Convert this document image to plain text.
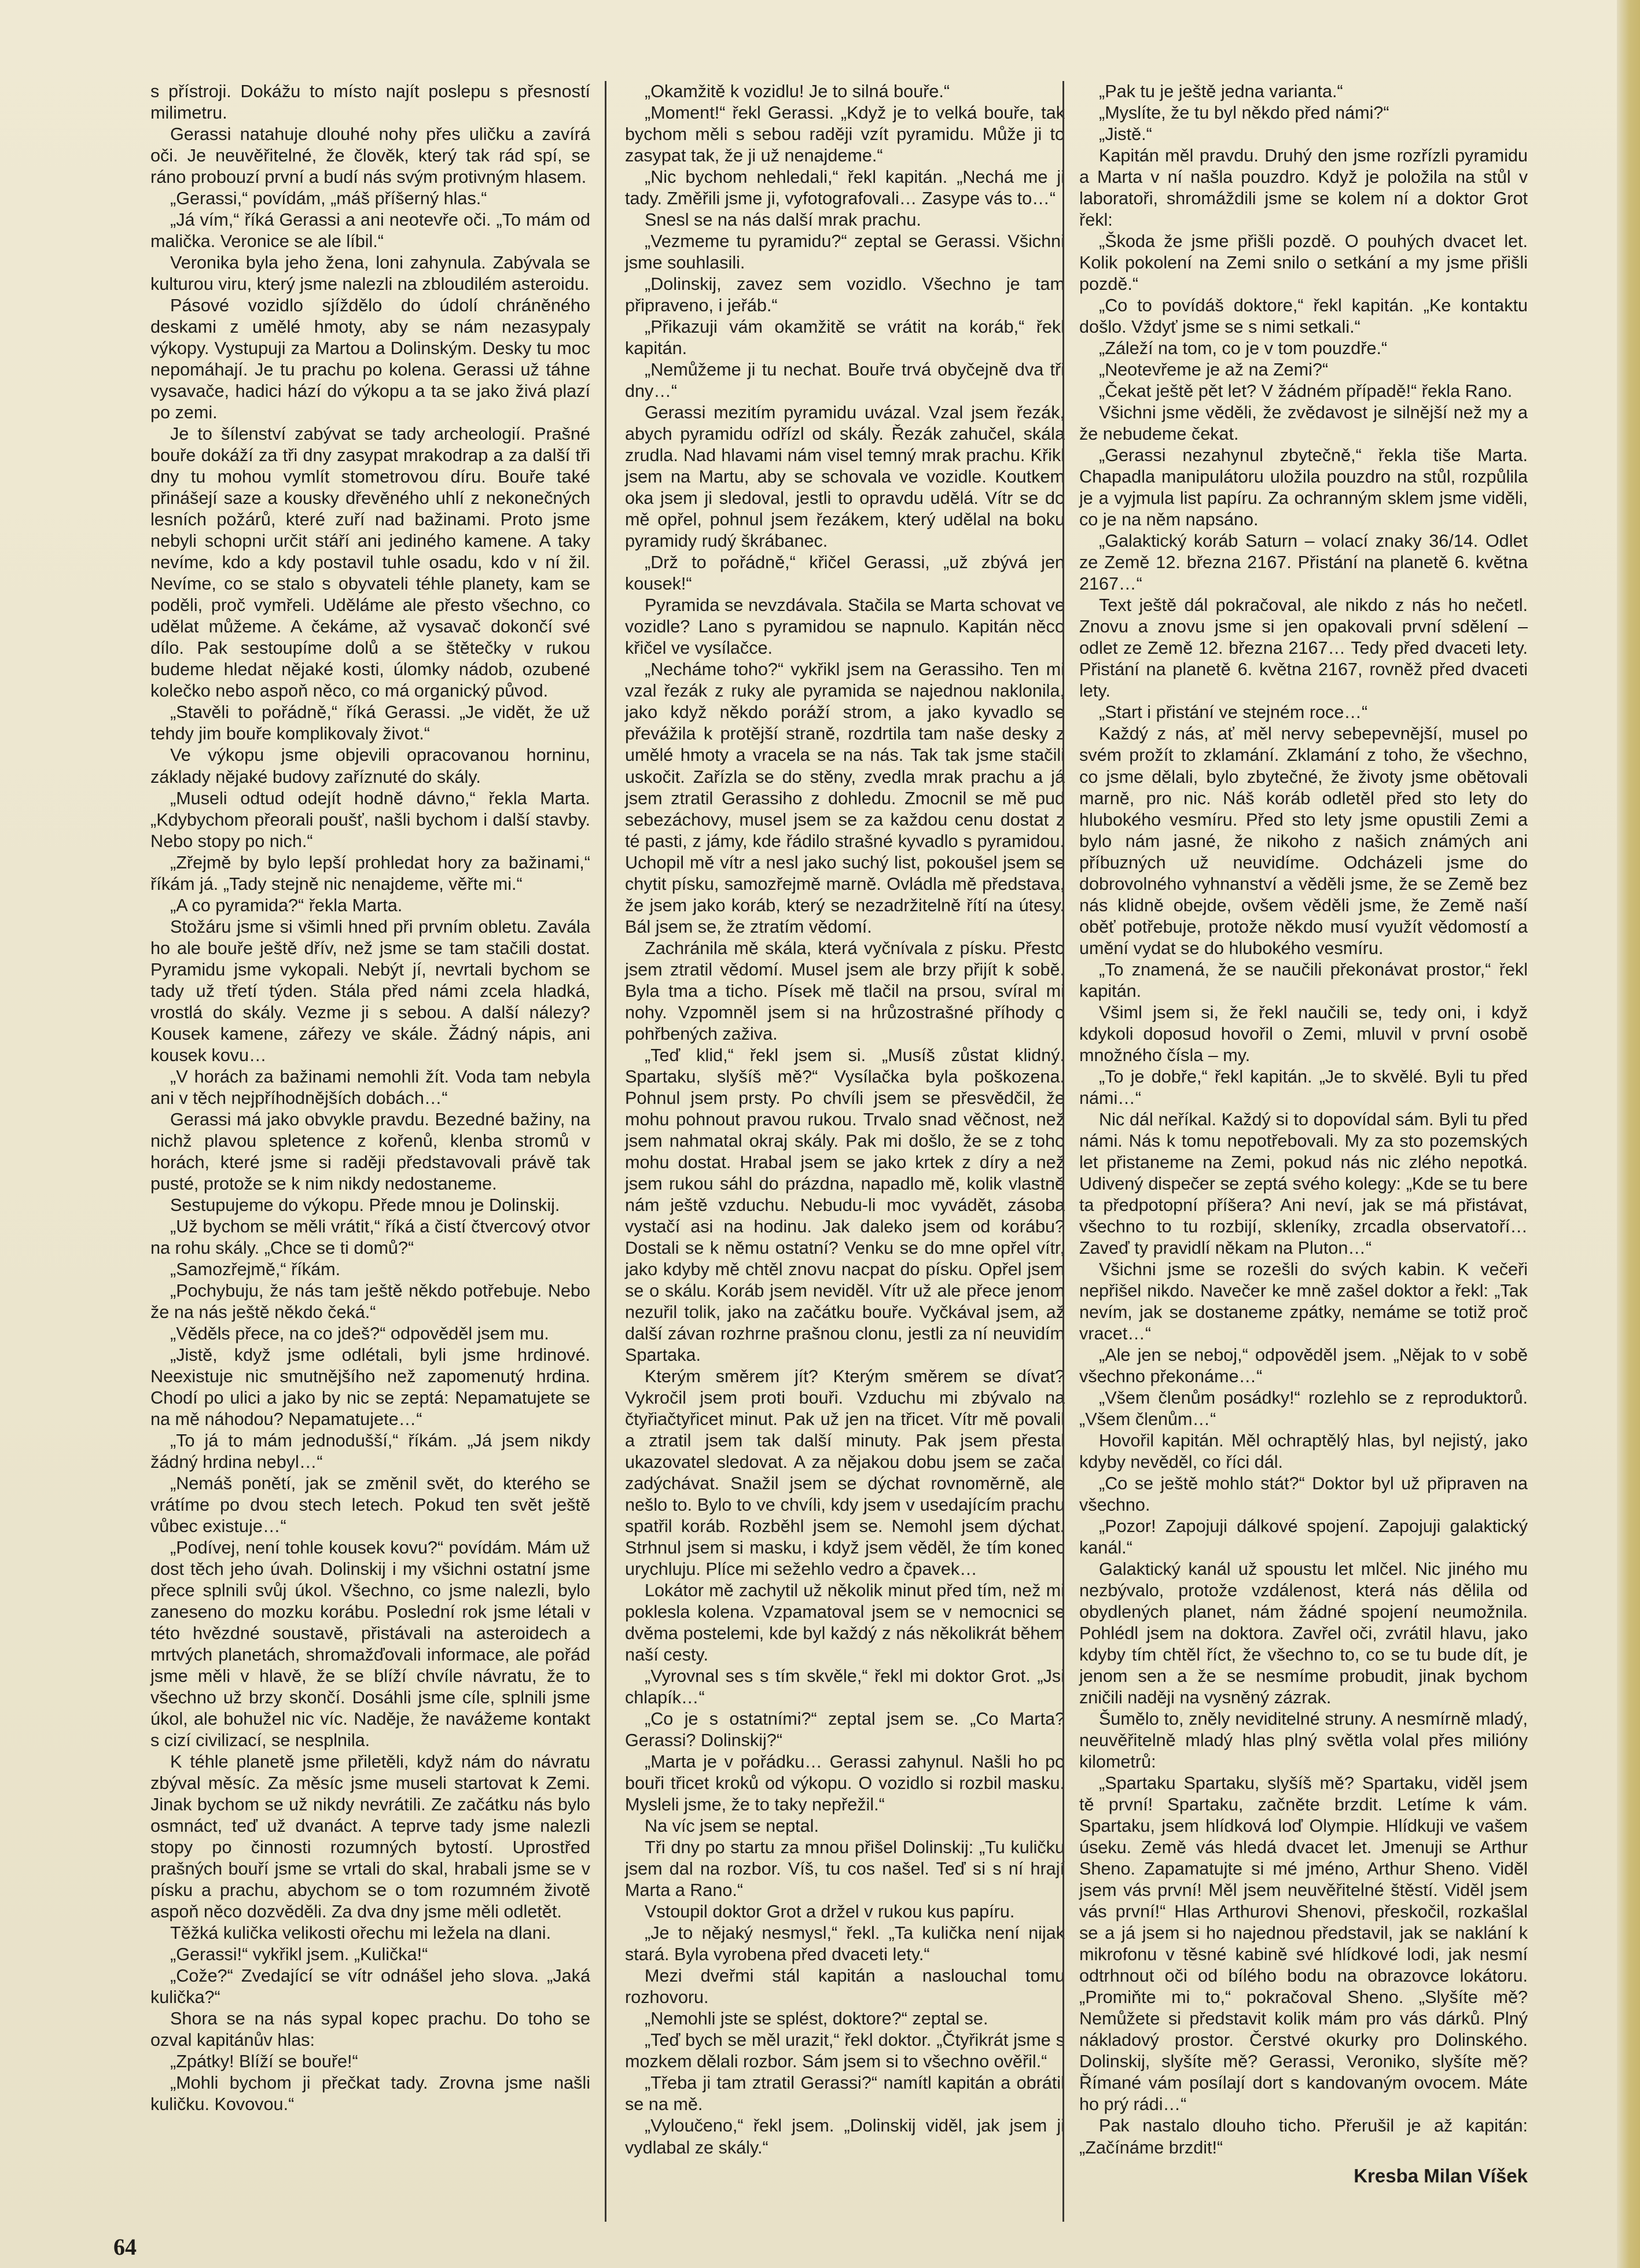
s přístroji. Dokážu to místo najít poslepu s přesností milimetru.

Gerassi natahuje dlouhé nohy přes uličku a zavírá oči. Je neuvěřitelné, že člověk, který tak rád spí, se ráno probouzí první a budí nás svým protivným hlasem.

„Gerassi,“ povídám, „máš příšerný hlas.“

„Já vím,“ říká Gerassi a ani neotevře oči. „To mám od malička. Veronice se ale líbil.“

Veronika byla jeho žena, loni zahynula. Zabývala se kulturou viru, který jsme nalezli na zbloudilém asteroidu.

Pásové vozidlo sjíždělo do údolí chráněného deskami z umělé hmoty, aby se nám nezasypaly výkopy. Vystupuji za Martou a Dolinským. Desky tu moc nepomáhají. Je tu prachu po kolena. Gerassi už táhne vysavače, hadici hází do výkopu a ta se jako živá plazí po zemi.

Je to šílenství zabývat se tady archeologií. Prašné bouře dokáží za tři dny zasypat mrakodrap a za další tři dny tu mohou vymlít stometrovou díru. Bouře také přinášejí saze a kousky dřevěného uhlí z nekonečných lesních požárů, které zuří nad bažinami. Proto jsme nebyli schopni určit stáří ani jediného kamene. A taky nevíme, kdo a kdy postavil tuhle osadu, kdo v ní žil. Nevíme, co se stalo s obyvateli téhle planety, kam se poděli, proč vymřeli. Uděláme ale přesto všechno, co udělat můžeme. A čekáme, až vysavač dokončí své dílo. Pak sestoupíme dolů a se štětečky v rukou budeme hledat nějaké kosti, úlomky nádob, ozubené kolečko nebo aspoň něco, co má organický původ.

„Stavěli to pořádně,“ říká Gerassi. „Je vidět, že už tehdy jim bouře komplikovaly život.“

Ve výkopu jsme objevili opracovanou horninu, základy nějaké budovy zaříznuté do skály.

„Museli odtud odejít hodně dávno,“ řekla Marta. „Kdybychom přeorali poušť, našli bychom i další stavby. Nebo stopy po nich.“

„Zřejmě by bylo lepší prohledat hory za bažinami,“ říkám já. „Tady stejně nic nenajdeme, věřte mi.“

„A co pyramida?“ řekla Marta.

Stožáru jsme si všimli hned při prvním obletu. Zavála ho ale bouře ještě dřív, než jsme se tam stačili dostat. Pyramidu jsme vykopali. Nebýt jí, nevrtali bychom se tady už třetí týden. Stála před námi zcela hladká, vrostlá do skály. Vezme ji s sebou. A další nálezy? Kousek kamene, zářezy ve skále. Žádný nápis, ani kousek kovu…

„V horách za bažinami nemohli žít. Voda tam nebyla ani v těch nejpříhodnějších dobách…“

Gerassi má jako obvykle pravdu. Bezedné bažiny, na nichž plavou spletence z kořenů, klenba stromů v horách, které jsme si raději představovali právě tak pusté, protože se k nim nikdy nedostaneme.

Sestupujeme do výkopu. Přede mnou je Dolinskij.

„Už bychom se měli vrátit,“ říká a čistí čtvercový otvor na rohu skály. „Chce se ti domů?“

„Samozřejmě,“ říkám.

„Pochybuju, že nás tam ještě někdo potřebuje. Nebo že na nás ještě někdo čeká.“

„Věděls přece, na co jdeš?“ odpověděl jsem mu.

„Jistě, když jsme odlétali, byli jsme hrdinové. Neexistuje nic smutnějšího než zapomenutý hrdina. Chodí po ulici a jako by nic se zeptá: Nepamatujete se na mě náhodou? Nepamatujete…“

„To já to mám jednodušší,“ říkám. „Já jsem nikdy žádný hrdina nebyl…“

„Nemáš ponětí, jak se změnil svět, do kterého se vrátíme po dvou stech letech. Pokud ten svět ještě vůbec existuje…“

„Podívej, není tohle kousek kovu?“ povídám. Mám už dost těch jeho úvah. Dolinskij i my všichni ostatní jsme přece splnili svůj úkol. Všechno, co jsme nalezli, bylo zaneseno do mozku korábu. Poslední rok jsme létali v této hvězdné soustavě, přistávali na asteroidech a mrtvých planetách, shromažďovali informace, ale pořád jsme měli v hlavě, že se blíží chvíle návratu, že to všechno už brzy skončí. Dosáhli jsme cíle, splnili jsme úkol, ale bohužel nic víc. Naděje, že navážeme kontakt s cizí civilizací, se nesplnila.

K téhle planetě jsme přiletěli, když nám do návratu zbýval měsíc. Za měsíc jsme museli startovat k Zemi. Jinak bychom se už nikdy nevrátili. Ze začátku nás bylo osmnáct, teď už dvanáct. A teprve tady jsme nalezli stopy po činnosti rozumných bytostí. Uprostřed prašných bouří jsme se vrtali do skal, hrabali jsme se v písku a prachu, abychom se o tom rozumném životě aspoň něco dozvěděli. Za dva dny jsme měli odletět.

Těžká kulička velikosti ořechu mi ležela na dlani.

„Gerassi!“ vykřikl jsem. „Kulička!“

„Cože?“ Zvedající se vítr odnášel jeho slova. „Jaká kulička?“

Shora se na nás sypal kopec prachu. Do toho se ozval kapitánův hlas:

„Zpátky! Blíží se bouře!“

„Mohli bychom ji přečkat tady. Zrovna jsme našli kuličku. Kovovou.“

„Okamžitě k vozidlu! Je to silná bouře.“

„Moment!“ řekl Gerassi. „Když je to velká bouře, tak bychom měli s sebou raději vzít pyramidu. Může ji to zasypat tak, že ji už nenajdeme.“

„Nic bychom nehledali,“ řekl kapitán. „Nechá me ji tady. Změřili jsme ji, vyfotografovali… Zasype vás to…“

Snesl se na nás další mrak prachu.

„Vezmeme tu pyramidu?“ zeptal se Gerassi. Všichni jsme souhlasili.

„Dolinskij, zavez sem vozidlo. Všechno je tam připraveno, i jeřáb.“

„Přikazuji vám okamžitě se vrátit na koráb,“ řekl kapitán.

„Nemůžeme ji tu nechat. Bouře trvá obyčejně dva tři dny…“

Gerassi mezitím pyramidu uvázal. Vzal jsem řezák, abych pyramidu odřízl od skály. Řezák zahučel, skála zrudla. Nad hlavami nám visel temný mrak prachu. Křikl jsem na Martu, aby se schovala ve vozidle. Koutkem oka jsem ji sledoval, jestli to opravdu udělá. Vítr se do mě opřel, pohnul jsem řezákem, který udělal na boku pyramidy rudý škrábanec.

„Drž to pořádně,“ křičel Gerassi, „už zbývá jen kousek!“

Pyramida se nevzdávala. Stačila se Marta schovat ve vozidle? Lano s pyramidou se napnulo. Kapitán něco křičel ve vysílačce.

„Necháme toho?“ vykřikl jsem na Gerassiho. Ten mi vzal řezák z ruky ale pyramida se najednou naklonila, jako když někdo poráží strom, a jako kyvadlo se převážila k protější straně, rozdrtila tam naše desky z umělé hmoty a vracela se na nás. Tak tak jsme stačili uskočit. Zařízla se do stěny, zvedla mrak prachu a já jsem ztratil Gerassiho z dohledu. Zmocnil se mě pud sebezáchovy, musel jsem se za každou cenu dostat z té pasti, z jámy, kde řádilo strašné kyvadlo s pyramidou. Uchopil mě vítr a nesl jako suchý list, pokoušel jsem se chytit písku, samozřejmě marně. Ovládla mě představa, že jsem jako koráb, který se nezadržitelně řítí na útesy. Bál jsem se, že ztratím vědomí.

Zachránila mě skála, která vyčnívala z písku. Přesto jsem ztratil vědomí. Musel jsem ale brzy přijít k sobě. Byla tma a ticho. Písek mě tlačil na prsou, svíral mi nohy. Vzpomněl jsem si na hrůzostrašné příhody o pohřbených zaživa.

„Teď klid,“ řekl jsem si. „Musíš zůstat klidný. Spartaku, slyšíš mě?“ Vysílačka byla poškozena. Pohnul jsem prsty. Po chvíli jsem se přesvědčil, že mohu pohnout pravou rukou. Trvalo snad věčnost, než jsem nahmatal okraj skály. Pak mi došlo, že se z toho mohu dostat. Hrabal jsem se jako krtek z díry a než jsem rukou sáhl do prázdna, napadlo mě, kolik vlastně nám ještě vzduchu. Nebudu-li moc vyvádět, zásoba vystačí asi na hodinu. Jak daleko jsem od korábu? Dostali se k němu ostatní? Venku se do mne opřel vítr, jako kdyby mě chtěl znovu nacpat do písku. Opřel jsem se o skálu. Koráb jsem neviděl. Vítr už ale přece jenom nezuřil tolik, jako na začátku bouře. Vyčkával jsem, až další závan rozhrne prašnou clonu, jestli za ní neuvidím Spartaka.

Kterým směrem jít? Kterým směrem se dívat? Vykročil jsem proti bouři. Vzduchu mi zbývalo na čtyřiačtyřicet minut. Pak už jen na třicet. Vítr mě povalil a ztratil jsem tak další minuty. Pak jsem přestal ukazovatel sledovat. A za nějakou dobu jsem se začal zadýchávat. Snažil jsem se dýchat rovnoměrně, ale nešlo to. Bylo to ve chvíli, kdy jsem v usedajícím prachu spatřil koráb. Rozběhl jsem se. Nemohl jsem dýchat. Strhnul jsem si masku, i když jsem věděl, že tím konec urychluju. Plíce mi sežehlo vedro a čpavek…

Lokátor mě zachytil už několik minut před tím, než mi poklesla kolena. Vzpamatoval jsem se v nemocnici se dvěma postelemi, kde byl každý z nás několikrát během naší cesty.

„Vyrovnal ses s tím skvěle,“ řekl mi doktor Grot. „Jsi chlapík…“

„Co je s ostatními?“ zeptal jsem se. „Co Marta? Gerassi? Dolinskij?“

„Marta je v pořádku… Gerassi zahynul. Našli ho po bouři třicet kroků od výkopu. O vozidlo si rozbil masku. Mysleli jsme, že to taky nepřežil.“

Na víc jsem se neptal.

Tři dny po startu za mnou přišel Dolinskij: „Tu kuličku jsem dal na rozbor. Víš, tu cos našel. Teď si s ní hrají Marta a Rano.“

Vstoupil doktor Grot a držel v rukou kus papíru.

„Je to nějaký nesmysl,“ řekl. „Ta kulička není nijak stará. Byla vyrobena před dvaceti lety.“

Mezi dveřmi stál kapitán a naslouchal tomu rozhovoru.

„Nemohli jste se splést, doktore?“ zeptal se.

„Teď bych se měl urazit,“ řekl doktor. „Čtyřikrát jsme s mozkem dělali rozbor. Sám jsem si to všechno ověřil.“

„Třeba ji tam ztratil Gerassi?“ namítl kapitán a obrátil se na mě.

„Vyloučeno,“ řekl jsem. „Dolinskij viděl, jak jsem ji vydlabal ze skály.“

„Pak tu je ještě jedna varianta.“

„Myslíte, že tu byl někdo před námi?“

„Jistě.“

Kapitán měl pravdu. Druhý den jsme rozřízli pyramidu a Marta v ní našla pouzdro. Když je položila na stůl v laboratoři, shromáždili jsme se kolem ní a doktor Grot řekl:

„Škoda že jsme přišli pozdě. O pouhých dvacet let. Kolik pokolení na Zemi snilo o setkání a my jsme přišli pozdě.“

„Co to povídáš doktore,“ řekl kapitán. „Ke kontaktu došlo. Vždyť jsme se s nimi setkali.“

„Záleží na tom, co je v tom pouzdře.“

„Neotevřeme je až na Zemi?“

„Čekat ještě pět let? V žádném případě!“ řekla Rano.

Všichni jsme věděli, že zvědavost je silnější než my a že nebudeme čekat.

„Gerassi nezahynul zbytečně,“ řekla tiše Marta. Chapadla manipulátoru uložila pouzdro na stůl, rozpůlila je a vyjmula list papíru. Za ochranným sklem jsme viděli, co je na něm napsáno.

„Galaktický koráb Saturn – volací znaky 36/14. Odlet ze Země 12. března 2167. Přistání na planetě 6. května 2167…“

Text ještě dál pokračoval, ale nikdo z nás ho nečetl. Znovu a znovu jsme si jen opakovali první sdělení – odlet ze Země 12. března 2167… Tedy před dvaceti lety. Přistání na planetě 6. května 2167, rovněž před dvaceti lety.

„Start i přistání ve stejném roce…“

Každý z nás, ať měl nervy sebepevnější, musel po svém prožít to zklamání. Zklamání z toho, že všechno, co jsme dělali, bylo zbytečné, že životy jsme obětovali marně, pro nic. Náš koráb odletěl před sto lety do hlubokého vesmíru. Před sto lety jsme opustili Zemi a bylo nám jasné, že nikoho z našich známých ani příbuzných už neuvidíme. Odcházeli jsme do dobrovolného vyhnanství a věděli jsme, že se Země bez nás klidně obejde, ovšem věděli jsme, že Země naší oběť potřebuje, protože někdo musí využít vědomostí a umění vydat se do hlubokého vesmíru.

„To znamená, že se naučili překonávat prostor,“ řekl kapitán.

Všiml jsem si, že řekl naučili se, tedy oni, i když kdykoli doposud hovořil o Zemi, mluvil v první osobě množného čísla – my.

„To je dobře,“ řekl kapitán. „Je to skvělé. Byli tu před námi…“

Nic dál neříkal. Každý si to dopovídal sám. Byli tu před námi. Nás k tomu nepotřebovali. My za sto pozemských let přistaneme na Zemi, pokud nás nic zlého nepotká. Udivený dispečer se zeptá svého kolegy: „Kde se tu bere ta předpotopní příšera? Ani neví, jak se má přistávat, všechno to tu rozbijí, skleníky, zrcadla observatoří… Zaveď ty pravidlí někam na Pluton…“

Všichni jsme se rozešli do svých kabin. K večeři nepřišel nikdo. Navečer ke mně zašel doktor a řekl: „Tak nevím, jak se dostaneme zpátky, nemáme se totiž proč vracet…“

„Ale jen se neboj,“ odpověděl jsem. „Nějak to v sobě všechno překonáme…“

„Všem členům posádky!“ rozlehlo se z reproduktorů. „Všem členům…“

Hovořil kapitán. Měl ochraptělý hlas, byl nejistý, jako kdyby nevěděl, co říci dál.

„Co se ještě mohlo stát?“ Doktor byl už připraven na všechno.

„Pozor! Zapojuji dálkové spojení. Zapojuji galaktický kanál.“

Galaktický kanál už spoustu let mlčel. Nic jiného mu nezbývalo, protože vzdálenost, která nás dělila od obydlených planet, nám žádné spojení neumožnila. Pohlédl jsem na doktora. Zavřel oči, zvrátil hlavu, jako kdyby tím chtěl říct, že všechno to, co se tu bude dít, je jenom sen a že se nesmíme probudit, jinak bychom zničili naději na vysněný zázrak.

Šumělo to, zněly neviditelné struny. A nesmírně mladý, neuvěřitelně mladý hlas plný světla volal přes milióny kilometrů:

„Spartaku Spartaku, slyšíš mě? Spartaku, viděl jsem tě první! Spartaku, začněte brzdit. Letíme k vám. Spartaku, jsem hlídková loď Olympie. Hlídkuji ve vašem úseku. Země vás hledá dvacet let. Jmenuji se Arthur Sheno. Zapamatujte si mé jméno, Arthur Sheno. Viděl jsem vás první! Měl jsem neuvěřitelné štěstí. Viděl jsem vás první!“ Hlas Arthurovi Shenovi, přeskočil, rozkašlal se a já jsem si ho najednou představil, jak se naklání k mikrofonu v těsné kabině své hlídkové lodi, jak nesmí odtrhnout oči od bílého bodu na obrazovce lokátoru. „Promiňte mi to,“ pokračoval Sheno. „Slyšíte mě? Nemůžete si představit kolik mám pro vás dárků. Plný nákladový prostor. Čerstvé okurky pro Dolinského. Dolinskij, slyšíte mě? Gerassi, Veroniko, slyšíte mě? Římané vám posílají dort s kandovaným ovocem. Máte ho prý rádi…“

Pak nastalo dlouho ticho. Přerušil je až kapitán: „Začínáme brzdit!“

Kresba Milan Víšek

64
